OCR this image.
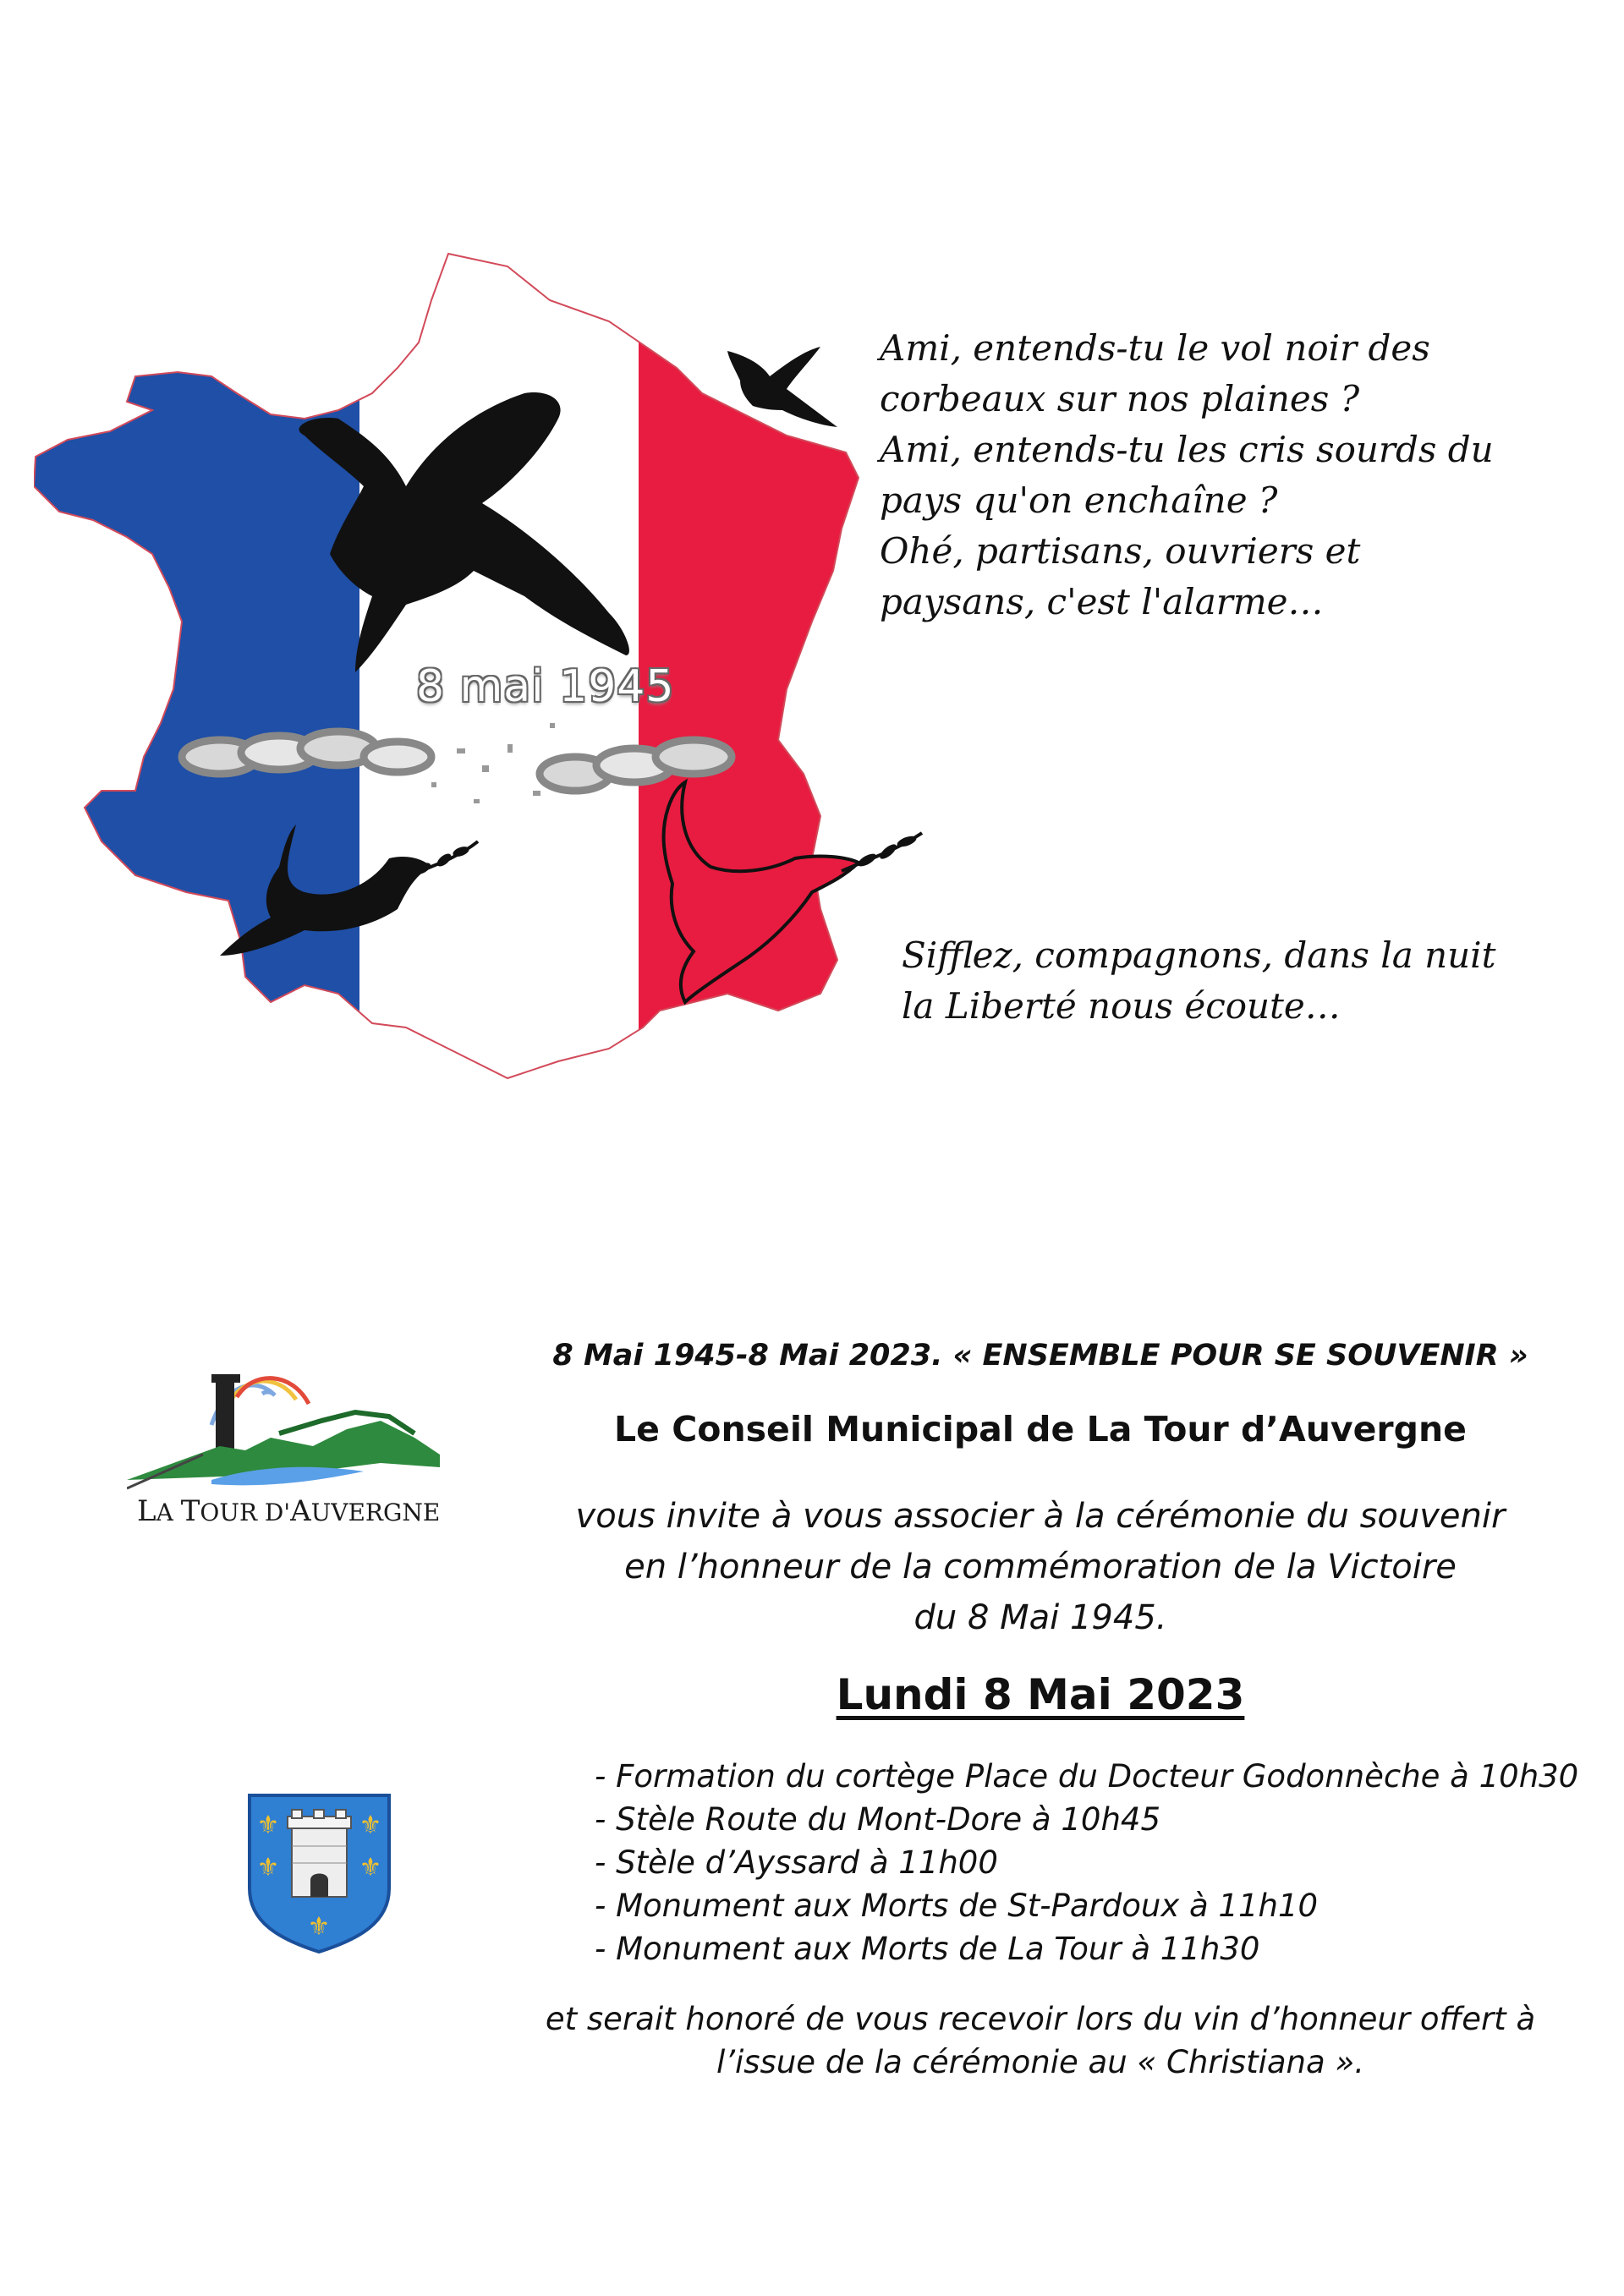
8 mai 1945

Ami, entends-tu le vol noir des

corbeaux sur nos plaines ?

Ami, entends-tu les cris sourds du

pays qu'on enchaîne ?

Ohé, partisans, ouvriers et

paysans, c'est l'alarme…

Sifflez, compagnons, dans la nuit

la Liberté nous écoute…

LA TOUR D'AUVERGNE
⚜	⚜
⚜	⚜
⚜
8 Mai 1945-8 Mai 2023. « ENSEMBLE POUR SE SOUVENIR »
Le Conseil Municipal de La Tour d’Auvergne

vous invite à vous associer à la cérémonie du souvenir

en l’honneur de la commémoration de la Victoire

du 8 Mai 1945.

Lundi 8 Mai 2023
- Formation du cortège Place du Docteur Godonnèche à 10h30
- Stèle Route du Mont-Dore à 10h45
- Stèle d’Ayssard à 11h00
- Monument aux Morts de St-Pardoux à 11h10
- Monument aux Morts de La Tour à 11h30

et serait honoré de vous recevoir lors du vin d’honneur offert à

l’issue de la cérémonie au « Christiana ».
